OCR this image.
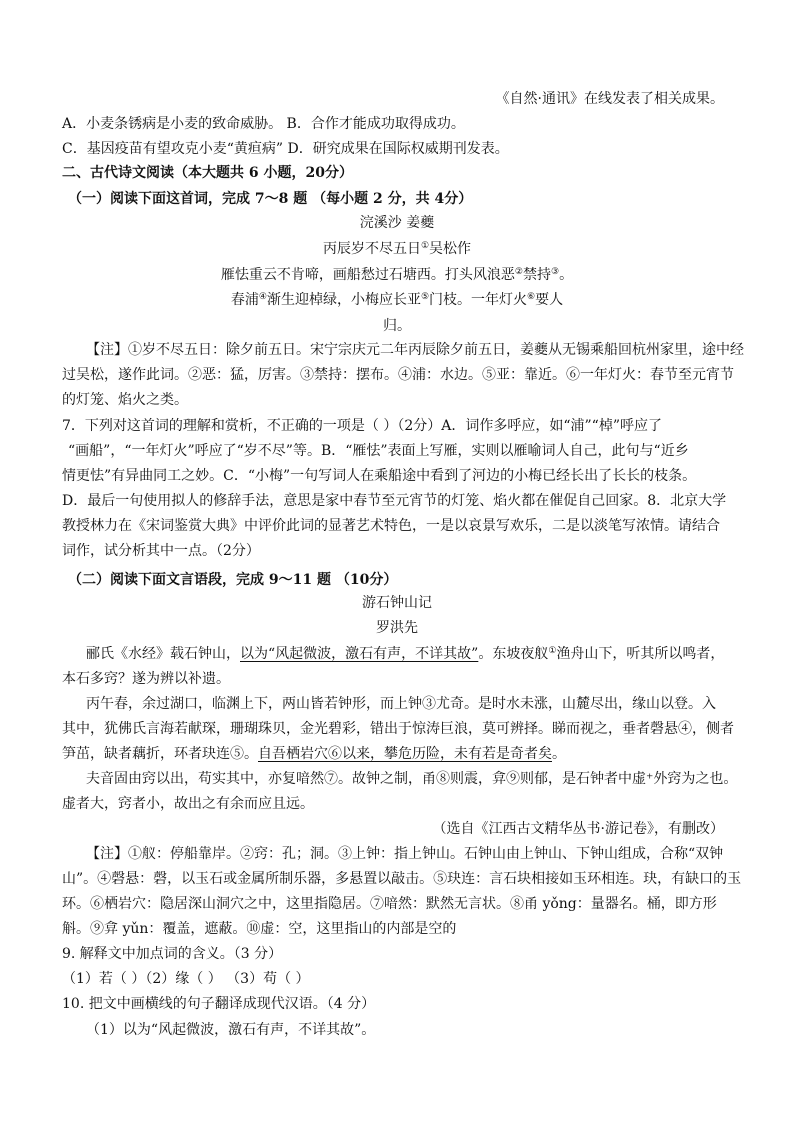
《自然·通讯》在线发表了相关成果。
A．小麦条锈病是小麦的致命威胁。 B．合作才能成功取得成功。
C．基因疫苗有望攻克小麦“黄疸病” D．研究成果在国际权威期刊发表。
二、古代诗文阅读（本大题共 6 小题，20分）
（一）阅读下面这首词，完成 7～8 题 （每小题 2 分，共 4分）
浣溪沙 姜夔
丙辰岁不尽五日①吴松作
雁怯重云不肯啼，画船愁过石塘西。打头风浪恶②禁持③。
春浦④渐生迎棹绿，小梅应长亚⑤门枝。一年灯火⑥要人
归。
【注】①岁不尽五日：除夕前五日。宋宁宗庆元二年丙辰除夕前五日，姜夔从无锡乘船回杭州家里，途中经
过吴松，遂作此词。②恶：猛，厉害。③禁持：摆布。④浦：水边。⑤亚：靠近。⑥一年灯火：春节至元宵节
的灯笼、焰火之类。
7．下列对这首词的理解和赏析，不正确的一项是（ ）（2分）A．词作多呼应，如“浦”“棹”呼应了
“画船”，“一年灯火”呼应了“岁不尽”等。B．“雁怯”表面上写雁，实则以雁喻词人自己，此句与“近乡
情更怯”有异曲同工之妙。C．“小梅”一句写词人在乘船途中看到了河边的小梅已经长出了长长的枝条。
D．最后一句使用拟人的修辞手法，意思是家中春节至元宵节的灯笼、焰火都在催促自己回家。8．北京大学
教授林力在《宋词鉴赏大典》中评价此词的显著艺术特色，一是以哀景写欢乐，二是以淡笔写浓情。请结合
词作，试分析其中一点。（2分）
（二）阅读下面文言语段，完成 9～11 题 （10分）
游石钟山记
罗洪先
郦氏《水经》载石钟山，以为“风起微波，激石有声，不详其故”。东坡夜舣①渔舟山下，听其所以鸣者，
本石多窍？遂为辨以补遗。
丙午春，余过湖口，临渊上下，两山皆若钟形，而上钟③尤奇。是时水未涨，山麓尽出，缘山以登。入
其中，犹佛氏言海若献琛，珊瑚珠贝，金光碧彩，错出于惊涛巨浪，莫可辨择。睇而视之，垂者磬悬④，侧者
笋茁，缺者藕折，环者玦连⑤。自吾栖岩穴⑥以来，攀危历险，未有若是奇者矣。
夫音固由窍以出，苟实其中，亦复喑然⑦。故钟之制，甬⑧则震，弇⑨则郁，是石钟者中虚⁺外窍为之也。
虚者大，窍者小，故出之有余而应且远。
（选自《江西古文精华丛书·游记卷》，有删改）
【注】①舣：停船靠岸。②窍：孔；洞。③上钟：指上钟山。石钟山由上钟山、下钟山组成，合称“双钟
山”。④磬悬：磬，以玉石或金属所制乐器，多悬置以敲击。⑤玦连：言石块相接如玉环相连。玦，有缺口的玉
环。⑥栖岩穴：隐居深山洞穴之中，这里指隐居。⑦喑然：默然无言状。⑧甬 yǒng：量器名。桶，即方形
斛。⑨弇 yǔn：覆盖，遮蔽。⑩虚：空，这里指山的内部是空的
9. 解释文中加点词的含义。（3 分）
（1）若（ ）（2）缘（ ） （3）苟（ ）
10. 把文中画横线的句子翻译成现代汉语。（4 分）
（1）以为“风起微波，激石有声，不详其故”。
